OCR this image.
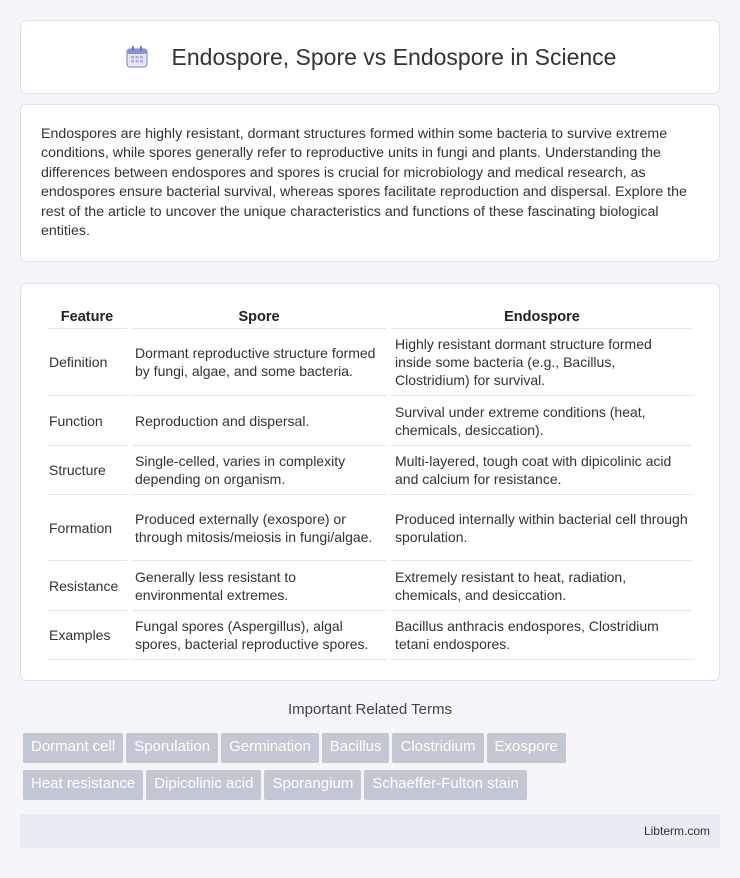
Endospore, Spore vs Endospore in Science

Endospores are highly resistant, dormant structures formed within some bacteria to survive extreme conditions, while spores generally refer to reproductive units in fungi and plants. Understanding the differences between endospores and spores is crucial for microbiology and medical research, as endospores ensure bacterial survival, whereas spores facilitate reproduction and dispersal. Explore the rest of the article to uncover the unique characteristics and functions of these fascinating biological entities.

Feature	Spore	Endospore
Definition	Dormant reproductive structure formed by fungi, algae, and some bacteria.	Highly resistant dormant structure formed inside some bacteria (e.g., Bacillus, Clostridium) for survival.
Function	Reproduction and dispersal.	Survival under extreme conditions (heat, chemicals, desiccation).
Structure	Single-celled, varies in complexity depending on organism.	Multi-layered, tough coat with dipicolinic acid and calcium for resistance.
Formation	Produced externally (exospore) or through mitosis/meiosis in fungi/algae.	Produced internally within bacterial cell through sporulation.
Resistance	Generally less resistant to environmental extremes.	Extremely resistant to heat, radiation, chemicals, and desiccation.
Examples	Fungal spores (Aspergillus), algal spores, bacterial reproductive spores.	Bacillus anthracis endospores, Clostridium tetani endospores.
Important Related Terms
Dormant cell Sporulation Germination Bacillus Clostridium Exospore
Heat resistance Dipicolinic acid Sporangium Schaeffer-Fulton stain
Libterm.com
